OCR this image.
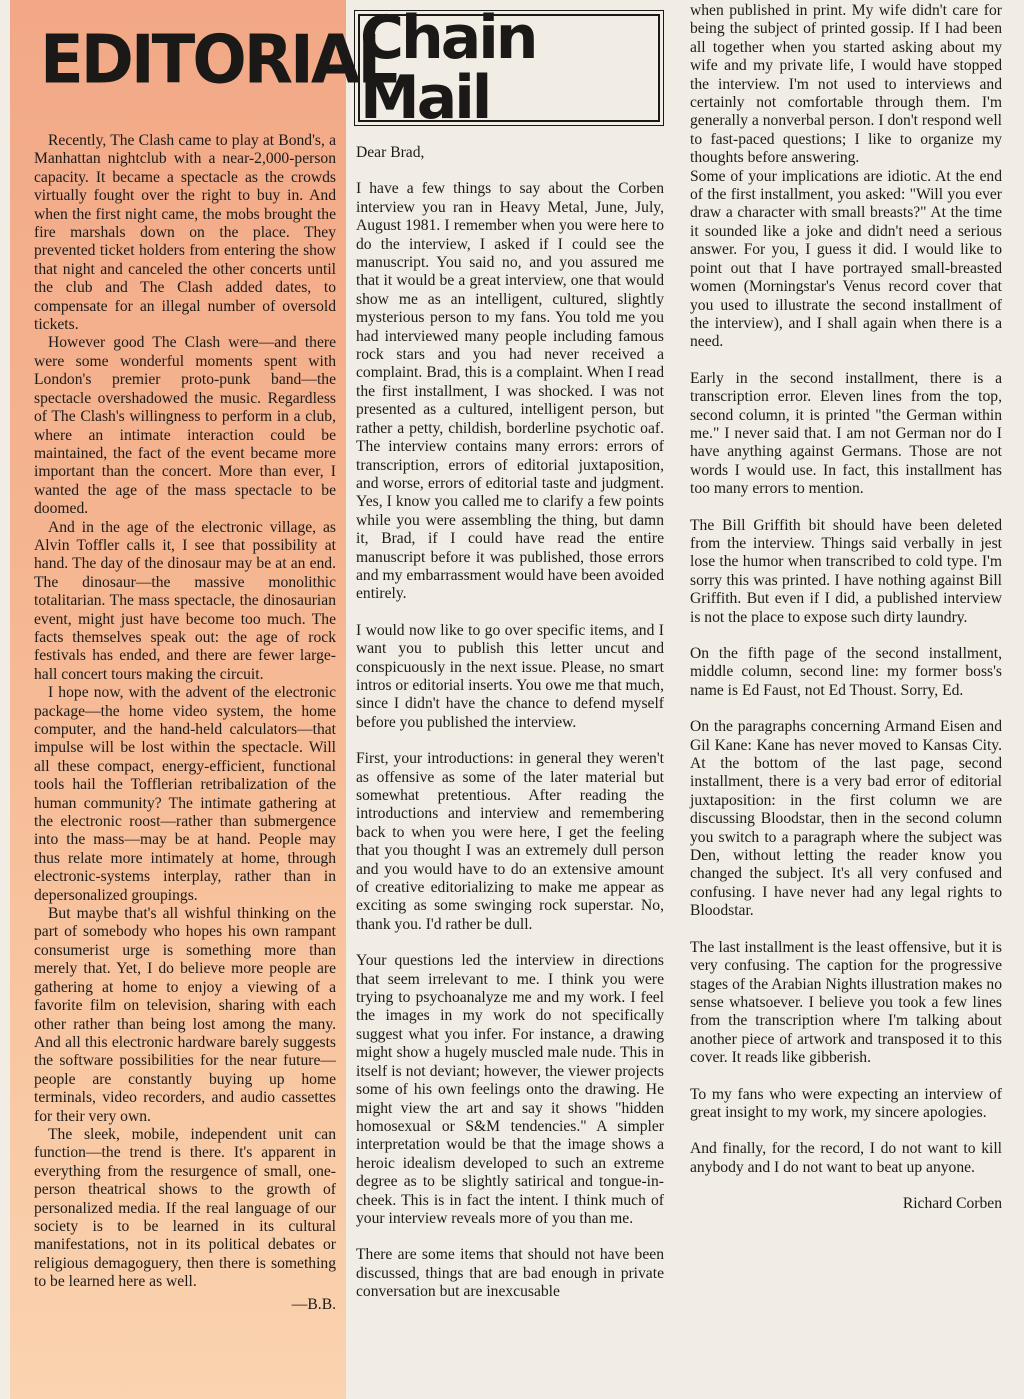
EDITORIAL

Recently, The Clash came to play at Bond's, a Manhattan nightclub with a near-2,000-person capacity. It became a spectacle as the crowds virtually fought over the right to buy in. And when the first night came, the mobs brought the fire marshals down on the place. They prevented ticket holders from entering the show that night and canceled the other concerts until the club and The Clash added dates, to compensate for an illegal number of oversold tickets.

However good The Clash were—and there were some wonderful moments spent with London's premier proto-punk band—the spectacle overshadowed the music. Regardless of The Clash's willingness to perform in a club, where an intimate interaction could be maintained, the fact of the event became more important than the concert. More than ever, I wanted the age of the mass spectacle to be doomed.

And in the age of the electronic village, as Alvin Toffler calls it, I see that possibility at hand. The day of the dinosaur may be at an end. The dinosaur—the massive monolithic totalitarian. The mass spectacle, the dinosaurian event, might just have become too much. The facts themselves speak out: the age of rock festivals has ended, and there are fewer large-hall concert tours making the circuit.

I hope now, with the advent of the electronic package—the home video system, the home computer, and the hand-held calculators—that impulse will be lost within the spectacle. Will all these compact, energy-efficient, functional tools hail the Tofflerian retribalization of the human community? The intimate gathering at the electronic roost—rather than submergence into the mass—may be at hand. People may thus relate more intimately at home, through electronic-systems interplay, rather than in depersonalized groupings.

But maybe that's all wishful thinking on the part of somebody who hopes his own rampant consumerist urge is something more than merely that. Yet, I do believe more people are gathering at home to enjoy a viewing of a favorite film on television, sharing with each other rather than being lost among the many. And all this electronic hardware barely suggests the software possibilities for the near future—people are constantly buying up home terminals, video recorders, and audio cassettes for their very own.

The sleek, mobile, independent unit can function—the trend is there. It's apparent in everything from the resurgence of small, one-person theatrical shows to the growth of personalized media. If the real language of our society is to be learned in its cultural manifestations, not in its political debates or religious demagoguery, then there is something to be learned here as well.

—B.B.
Chain Mail

Dear Brad,

I have a few things to say about the Corben interview you ran in Heavy Metal, June, July, August 1981. I remember when you were here to do the interview, I asked if I could see the manuscript. You said no, and you assured me that it would be a great interview, one that would show me as an intelligent, cultured, slightly mysterious person to my fans. You told me you had interviewed many people including famous rock stars and you had never received a complaint. Brad, this is a complaint. When I read the first installment, I was shocked. I was not presented as a cultured, intelligent person, but rather a petty, childish, borderline psychotic oaf. The interview contains many errors: errors of transcription, errors of editorial juxtaposition, and worse, errors of editorial taste and judgment. Yes, I know you called me to clarify a few points while you were assembling the thing, but damn it, Brad, if I could have read the entire manuscript before it was published, those errors and my embarrassment would have been avoided entirely.

I would now like to go over specific items, and I want you to publish this letter uncut and conspicuously in the next issue. Please, no smart intros or editorial inserts. You owe me that much, since I didn't have the chance to defend myself before you published the interview.

First, your introductions: in general they weren't as offensive as some of the later material but somewhat pretentious. After reading the introductions and interview and remembering back to when you were here, I get the feeling that you thought I was an extremely dull person and you would have to do an extensive amount of creative editorializing to make me appear as exciting as some swinging rock superstar. No, thank you. I'd rather be dull.

Your questions led the interview in directions that seem irrelevant to me. I think you were trying to psychoanalyze me and my work. I feel the images in my work do not specifically suggest what you infer. For instance, a drawing might show a hugely muscled male nude. This in itself is not deviant; however, the viewer projects some of his own feelings onto the drawing. He might view the art and say it shows "hidden homosexual or S&M tendencies." A simpler interpretation would be that the image shows a heroic idealism developed to such an extreme degree as to be slightly satirical and tongue-in-cheek. This is in fact the intent. I think much of your interview reveals more of you than me.

There are some items that should not have been discussed, things that are bad enough in private conversation but are inexcusable

when published in print. My wife didn't care for being the subject of printed gossip. If I had been all together when you started asking about my wife and my private life, I would have stopped the interview. I'm not used to interviews and certainly not comfortable through them. I'm generally a nonverbal person. I don't respond well to fast-paced questions; I like to organize my thoughts before answering.
Some of your implications are idiotic. At the end of the first installment, you asked: "Will you ever draw a character with small breasts?" At the time it sounded like a joke and didn't need a serious answer. For you, I guess it did. I would like to point out that I have portrayed small-breasted women (Morningstar's Venus record cover that you used to illustrate the second installment of the interview), and I shall again when there is a need.

Early in the second installment, there is a transcription error. Eleven lines from the top, second column, it is printed "the German within me." I never said that. I am not German nor do I have anything against Germans. Those are not words I would use. In fact, this installment has too many errors to mention.

The Bill Griffith bit should have been deleted from the interview. Things said verbally in jest lose the humor when transcribed to cold type. I'm sorry this was printed. I have nothing against Bill Griffith. But even if I did, a published interview is not the place to expose such dirty laundry.

On the fifth page of the second installment, middle column, second line: my former boss's name is Ed Faust, not Ed Thoust. Sorry, Ed.

On the paragraphs concerning Armand Eisen and Gil Kane: Kane has never moved to Kansas City. At the bottom of the last page, second installment, there is a very bad error of editorial juxtaposition: in the first column we are discussing Bloodstar, then in the second column you switch to a paragraph where the subject was Den, without letting the reader know you changed the subject. It's all very confused and confusing. I have never had any legal rights to Bloodstar.

The last installment is the least offensive, but it is very confusing. The caption for the progressive stages of the Arabian Nights illustration makes no sense whatsoever. I believe you took a few lines from the transcription where I'm talking about another piece of artwork and transposed it to this cover. It reads like gibberish.

To my fans who were expecting an interview of great insight to my work, my sincere apologies.

And finally, for the record, I do not want to kill anybody and I do not want to beat up anyone.

Richard Corben
